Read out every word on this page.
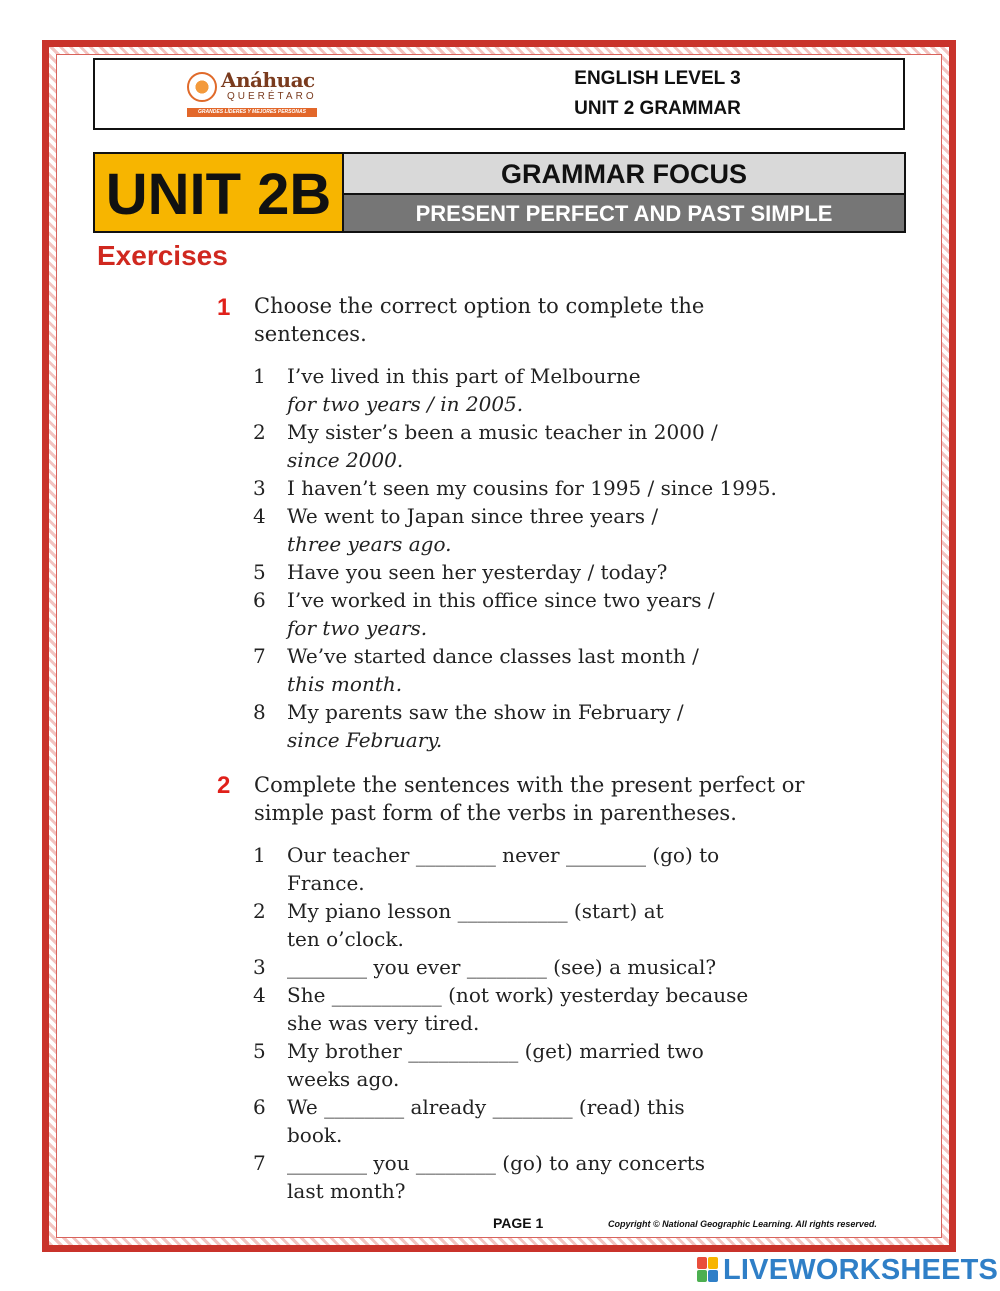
Anáhuac
QUERÉTARO
GRANDES LÍDERES Y MEJORES PERSONAS
ENGLISH LEVEL 3
UNIT 2 GRAMMAR
UNIT 2B	GRAMMAR FOCUS
PRESENT PERFECT AND PAST SIMPLE
Exercises
1 Choose the correct option to complete the sentences.
1 I’ve lived in this part of Melbourne
for two years / in 2005.
2 My sister’s been a music teacher in 2000 /
since 2000.
3 I haven’t seen my cousins for 1995 / since 1995.
4 We went to Japan since three years /
three years ago.
5 Have you seen her yesterday / today?
6 I’ve worked in this office since two years /
for two years.
7 We’ve started dance classes last month /
this month.
8 My parents saw the show in February /
since February.
2 Complete the sentences with the present perfect or simple past form of the verbs in parentheses.
1 Our teacher ________ never ________ (go) to
France.
2 My piano lesson ___________ (start) at
ten o’clock.
3 ________ you ever ________ (see) a musical?
4 She ___________ (not work) yesterday because
she was very tired.
5 My brother ___________ (get) married two
weeks ago.
6 We ________ already ________ (read) this
book.
7 ________ you ________ (go) to any concerts
last month?
PAGE 1	Copyright © National Geographic Learning. All rights reserved.
LIVEWORKSHEETS
